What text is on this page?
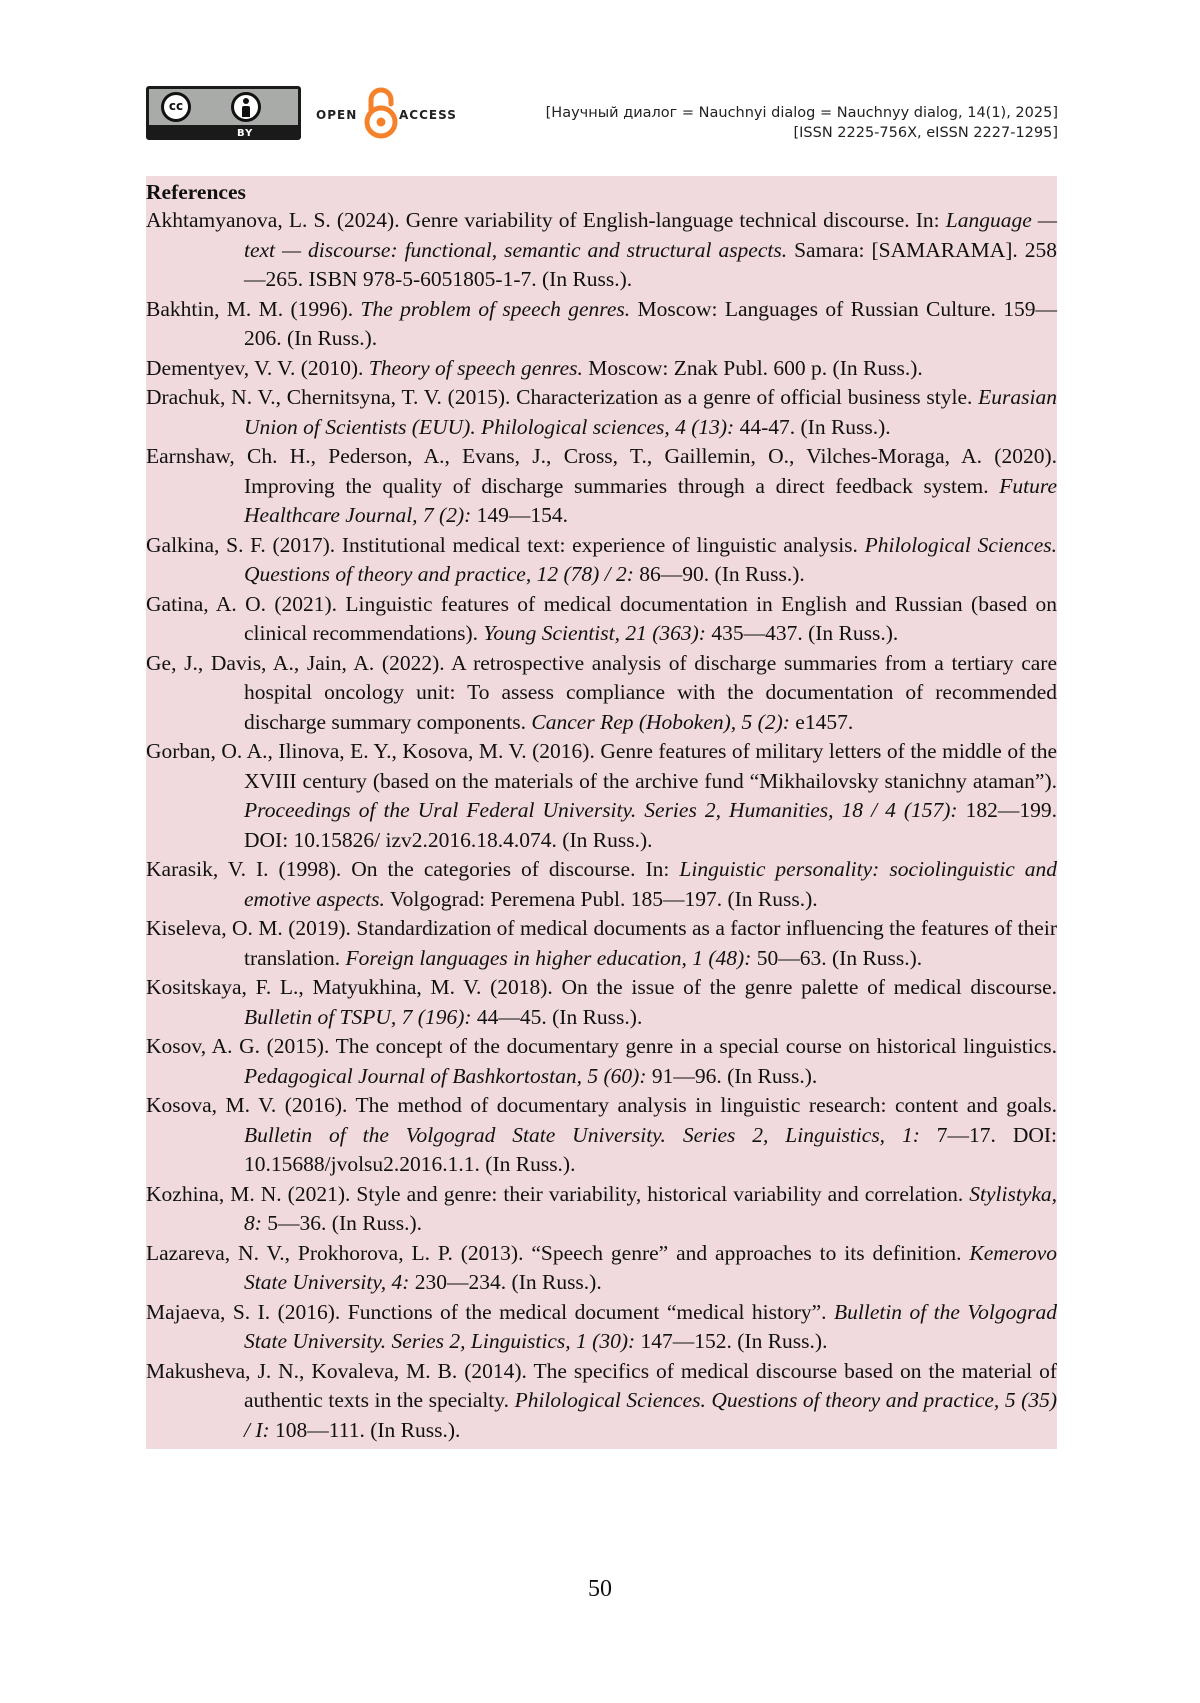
cc
BY
OPEN	ACCESS	[Научный диалог = Nauchnyi dialog = Nauchnyy dialog, 14(1), 2025]
[ISSN 2225-756X, eISSN 2227-1295]
References

Akhtamyanova, L. S. (2024). Genre variability of English-language technical discourse. In: Language — text — discourse: functional, semantic and structural aspects. Samara: [SAMARAMA]. 258—265. ISBN 978-5-6051805-1-7. (In Russ.).

Bakhtin, M. M. (1996). The problem of speech genres. Moscow: Languages of Russian Culture. 159—206. (In Russ.).

Dementyev, V. V. (2010). Theory of speech genres. Moscow: Znak Publ. 600 p. (In Russ.).

Drachuk, N. V., Chernitsyna, T. V. (2015). Characterization as a genre of official business style. Eurasian Union of Scientists (EUU). Philological sciences, 4 (13): 44-47. (In Russ.).

Earnshaw, Ch. H., Pederson, A., Evans, J., Cross, T., Gaillemin, O., Vilches-Moraga, A. (2020). Improving the quality of discharge summaries through a direct feedback system. Future Healthcare Journal, 7 (2): 149—154.

Galkina, S. F. (2017). Institutional medical text: experience of linguistic analysis. Philological Sciences. Questions of theory and practice, 12 (78) / 2: 86—90. (In Russ.).

Gatina, A. O. (2021). Linguistic features of medical documentation in English and Russian (based on clinical recommendations). Young Scientist, 21 (363): 435—437. (In Russ.).

Ge, J., Davis, A., Jain, A. (2022). A retrospective analysis of discharge summaries from a tertiary care hospital oncology unit: To assess compliance with the documentation of recommended discharge summary components. Cancer Rep (Hoboken), 5 (2): e1457.

Gorban, O. A., Ilinova, E. Y., Kosova, M. V. (2016). Genre features of military letters of the middle of the XVIII century (based on the materials of the archive fund “Mikhailovsky stanichny ataman”). Proceedings of the Ural Federal University. Series 2, Humanities, 18 / 4 (157): 182—199. DOI: 10.15826/ izv2.2016.18.4.074. (In Russ.).

Karasik, V. I. (1998). On the categories of discourse. In: Linguistic personality: sociolinguistic and emotive aspects. Volgograd: Peremena Publ. 185—197. (In Russ.).

Kiseleva, O. M. (2019). Standardization of medical documents as a factor influencing the features of their translation. Foreign languages in higher education, 1 (48): 50—63. (In Russ.).

Kositskaya, F. L., Matyukhina, M. V. (2018). On the issue of the genre palette of medical discourse. Bulletin of TSPU, 7 (196): 44—45. (In Russ.).

Kosov, A. G. (2015). The concept of the documentary genre in a special course on historical linguistics. Pedagogical Journal of Bashkortostan, 5 (60): 91—96. (In Russ.).

Kosova, M. V. (2016). The method of documentary analysis in linguistic research: content and goals. Bulletin of the Volgograd State University. Series 2, Linguistics, 1: 7—17. DOI: 10.15688/jvolsu2.2016.1.1. (In Russ.).

Kozhina, M. N. (2021). Style and genre: their variability, historical variability and correlation. Stylistyka, 8: 5—36. (In Russ.).

Lazareva, N. V., Prokhorova, L. P. (2013). “Speech genre” and approaches to its definition. Kemerovo State University, 4: 230—234. (In Russ.).

Majaeva, S. I. (2016). Functions of the medical document “medical history”. Bulletin of the Volgograd State University. Series 2, Linguistics, 1 (30): 147—152. (In Russ.).

Makusheva, J. N., Kovaleva, M. B. (2014). The specifics of medical discourse based on the material of authentic texts in the specialty. Philological Sciences. Questions of theory and practice, 5 (35) / I: 108—111. (In Russ.).

50
